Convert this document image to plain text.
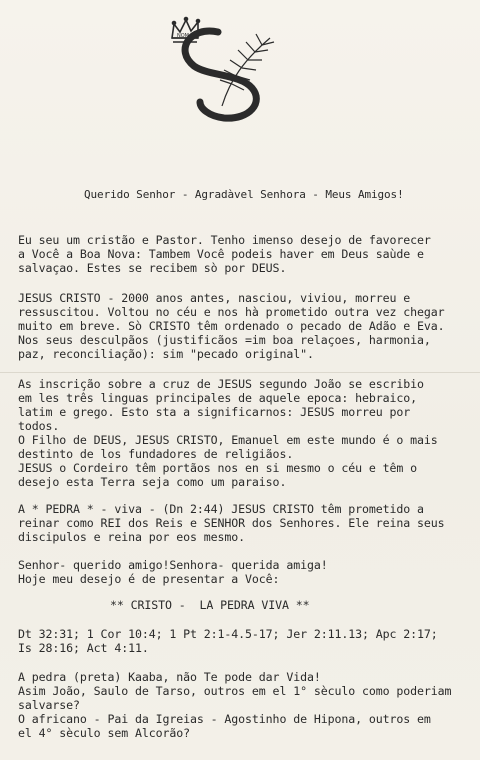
NOM
Querido Senhor - Agradàvel Senhora - Meus Amigos!
Eu seu um cristão e Pastor. Tenho imenso desejo de favorecer
a Você a Boa Nova: Tambem Você podeis haver em Deus saùde e
salvaçao. Estes se recibem sò por DEUS.
JESUS CRISTO - 2000 anos antes, nasciou, viviou, morreu e
ressuscitou. Voltou no céu e nos hà prometido outra vez chegar
muito em breve. Sò CRISTO têm ordenado o pecado de Adão e Eva.
Nos seus desculpãos (justificãos =im boa relaçoes, harmonia,
paz, reconciliação): sim "pecado original".
As inscrição sobre a cruz de JESUS segundo João se escribio
em les três linguas principales de aquele epoca: hebraico,
latim e grego. Esto sta a significarnos: JESUS morreu por
todos.
O Filho de DEUS, JESUS CRISTO, Emanuel em este mundo é o mais
destinto de los fundadores de religiãos.
JESUS o Cordeiro têm portãos nos en si mesmo o céu e têm o
desejo esta Terra seja como um paraiso.
A * PEDRA * - viva - (Dn 2:44) JESUS CRISTO têm prometido a
reinar como REI dos Reis e SENHOR dos Senhores. Ele reina seus
discipulos e reina por eos mesmo.
Senhor- querido amigo!Senhora- querida amiga!
Hoje meu desejo é de presentar a Você:
** CRISTO -  LA PEDRA VIVA **
Dt 32:31; 1 Cor 10:4; 1 Pt 2:1-4.5-17; Jer 2:11.13; Apc 2:17;
Is 28:16; Act 4:11.
A pedra (preta) Kaaba, não Te pode dar Vida!
Asim João, Saulo de Tarso, outros em el 1° sèculo como poderiam
salvarse?
O africano - Pai da Igreias - Agostinho de Hipona, outros em
el 4° sèculo sem Alcorão?
